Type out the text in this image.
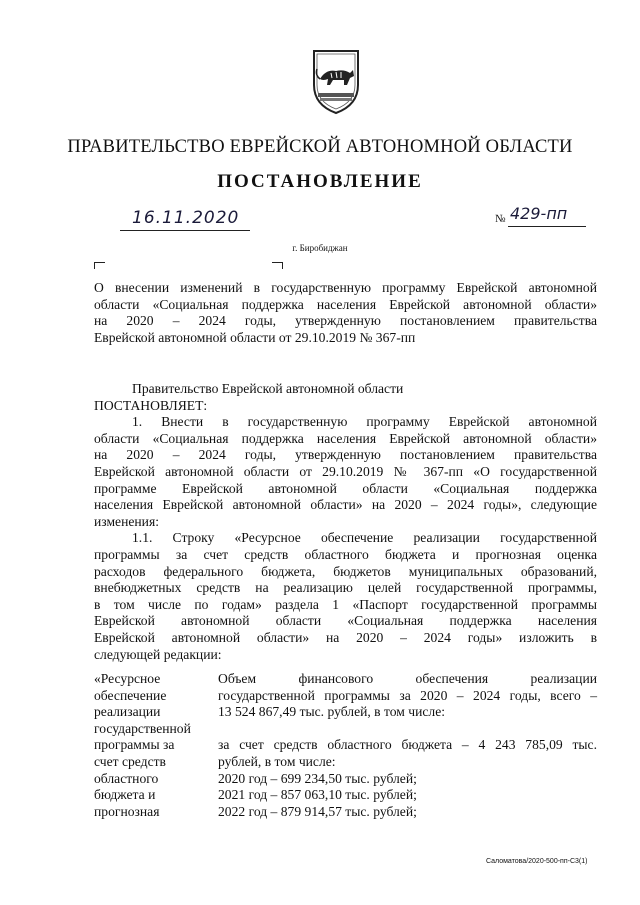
ПРАВИТЕЛЬСТВО ЕВРЕЙСКОЙ АВТОНОМНОЙ ОБЛАСТИ
ПОСТАНОВЛЕНИЕ
16.11.2020	№ 429-пп
г. Биробиджан
О внесении изменений в государственную программу Еврейской автономной
области «Социальная поддержка населения Еврейской автономной области»
на 2020 – 2024 годы, утвержденную постановлением правительства
Еврейской автономной области от 29.10.2019 № 367-пп
Правительство Еврейской автономной области
ПОСТАНОВЛЯЕТ:
1. Внести в государственную программу Еврейской автономной
области «Социальная поддержка населения Еврейской автономной области»
на 2020 – 2024 годы, утвержденную постановлением правительства
Еврейской автономной области от 29.10.2019 № 367-пп «О государственной
программе Еврейской автономной области «Социальная поддержка
населения Еврейской автономной области» на 2020 – 2024 годы», следующие
изменения:
1.1. Строку «Ресурсное обеспечение реализации государственной
программы за счет средств областного бюджета и прогнозная оценка
расходов федерального бюджета, бюджетов муниципальных образований,
внебюджетных средств на реализацию целей государственной программы,
в том числе по годам» раздела 1 «Паспорт государственной программы
Еврейской автономной области «Социальная поддержка населения
Еврейской автономной области» на 2020 – 2024 годы» изложить в
следующей редакции:
«Ресурсное
обеспечение
реализации
государственной
программы за
счет средств
областного
бюджета и
прогнозная
Объем финансового обеспечения реализации
государственной программы за 2020 – 2024 годы, всего –
13 524 867,49 тыс. рублей, в том числе:
за счет средств областного бюджета – 4 243 785,09 тыс.
рублей, в том числе:
2020 год – 699 234,50 тыс. рублей;
2021 год – 857 063,10 тыс. рублей;
2022 год – 879 914,57 тыс. рублей;
Саломатова/2020-500-пп-С3(1)
